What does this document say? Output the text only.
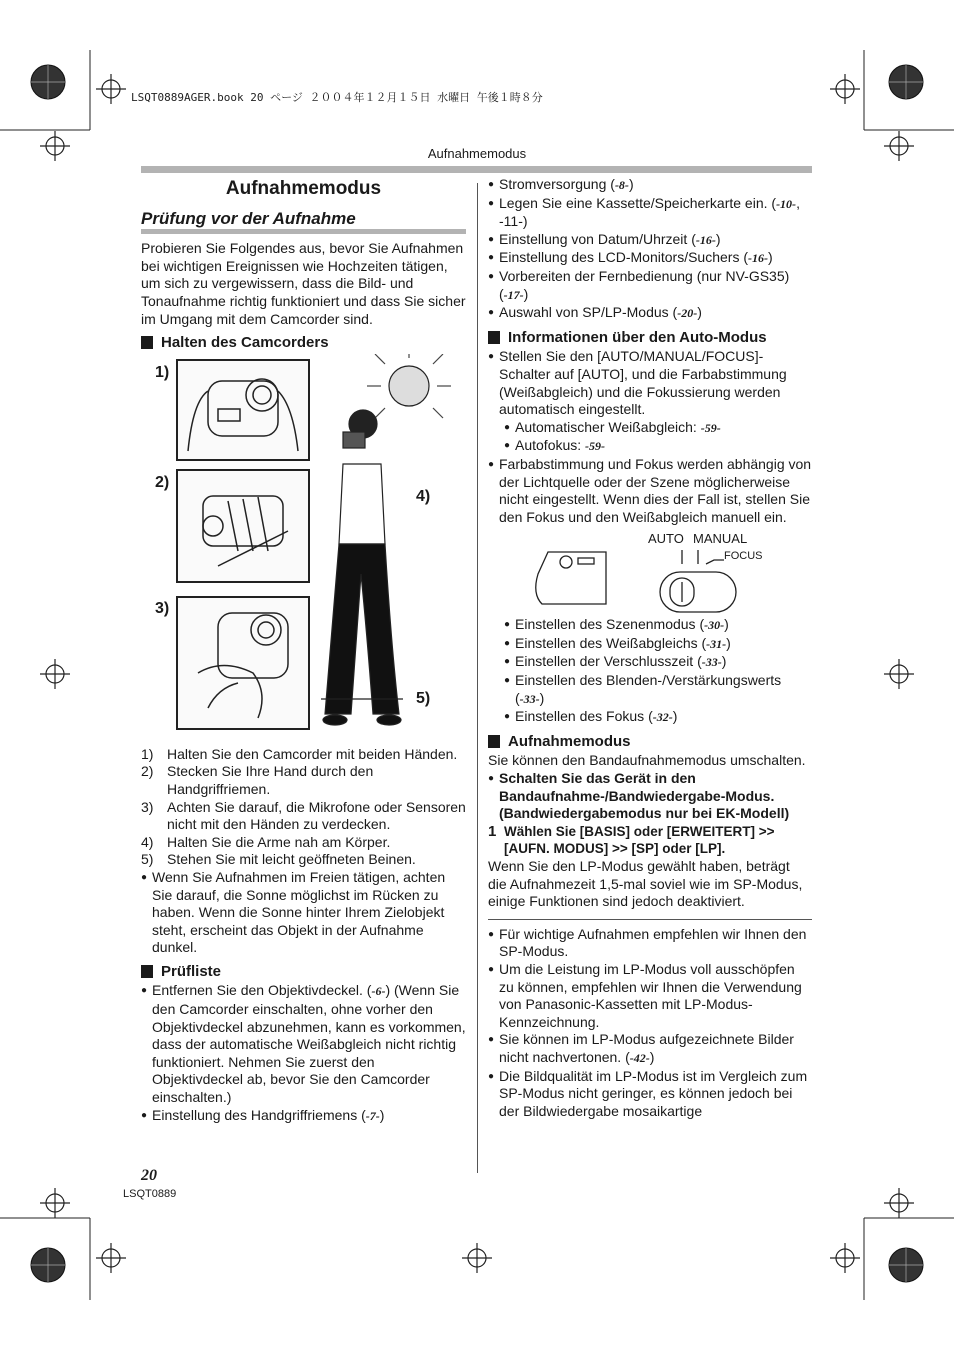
LSQT0889AGER.book 20 ページ ２００４年１２月１５日 水曜日 午後１時８分
Aufnahmemodus
Aufnahmemodus
Prüfung vor der Aufnahme

Probieren Sie Folgendes aus, bevor Sie Aufnahmen bei wichtigen Ereignissen wie Hochzeiten tätigen, um sich zu vergewissern, dass die Bild- und Tonaufnahme richtig funktioniert und dass Sie sicher im Umgang mit dem Camcorder sind.

Halten des Camcorders
1)
2)
3)
4)
5)
1) Halten Sie den Camcorder mit beiden Händen.
2) Stecken Sie Ihre Hand durch den Handgriffriemen.
3) Achten Sie darauf, die Mikrofone oder Sensoren nicht mit den Händen zu verdecken.
4) Halten Sie die Arme nah am Körper.
5) Stehen Sie mit leicht geöffneten Beinen.
● Wenn Sie Aufnahmen im Freien tätigen, achten Sie darauf, die Sonne möglichst im Rücken zu haben. Wenn die Sonne hinter Ihrem Zielobjekt steht, erscheint das Objekt in der Aufnahme dunkel.
Prüfliste
● Entfernen Sie den Objektivdeckel. (-6-) (Wenn Sie den Camcorder einschalten, ohne vorher den Objektivdeckel abzunehmen, kann es vorkommen, dass der automatische Weißabgleich nicht richtig funktioniert. Nehmen Sie zuerst den Objektivdeckel ab, bevor Sie den Camcorder einschalten.)
● Einstellung des Handgriffriemens (-7-)
● Stromversorgung (-8-)
● Legen Sie eine Kassette/Speicherkarte ein. (-10-, -11-)
● Einstellung von Datum/Uhrzeit (-16-)
● Einstellung des LCD-Monitors/Suchers (-16-)
● Vorbereiten der Fernbedienung (nur NV-GS35) (-17-)
● Auswahl von SP/LP-Modus (-20-)
Informationen über den Auto-Modus
● Stellen Sie den [AUTO/MANUAL/FOCUS]-Schalter auf [AUTO], und die Farbabstimmung (Weißabgleich) und die Fokussierung werden automatisch eingestellt.
● Automatischer Weißabgleich: -59-
● Autofokus: -59-
● Farbabstimmung und Fokus werden abhängig von der Lichtquelle oder der Szene möglicherweise nicht eingestellt. Wenn dies der Fall ist, stellen Sie den Fokus und den Weißabgleich manuell ein.
AUTO MANUAL
FOCUS
● Einstellen des Szenenmodus (-30-)
● Einstellen des Weißabgleichs (-31-)
● Einstellen der Verschlusszeit (-33-)
● Einstellen des Blenden-/Verstärkungswerts (-33-)
● Einstellen des Fokus (-32-)
Aufnahmemodus

Sie können den Bandaufnahmemodus umschalten.

● Schalten Sie das Gerät in den Bandaufnahme-/Bandwiedergabe-Modus. (Bandwiedergabemodus nur bei EK-Modell)
1 Wählen Sie [BASIS] oder [ERWEITERT] >> [AUFN. MODUS] >> [SP] oder [LP].

Wenn Sie den LP-Modus gewählt haben, beträgt die Aufnahmezeit 1,5-mal soviel wie im SP-Modus, einige Funktionen sind jedoch deaktiviert.

● Für wichtige Aufnahmen empfehlen wir Ihnen den SP-Modus.
● Um die Leistung im LP-Modus voll ausschöpfen zu können, empfehlen wir Ihnen die Verwendung von Panasonic-Kassetten mit LP-Modus-Kennzeichnung.
● Sie können im LP-Modus aufgezeichnete Bilder nicht nachvertonen. (-42-)
● Die Bildqualität im LP-Modus ist im Vergleich zum SP-Modus nicht geringer, es können jedoch bei der Bildwiedergabe mosaikartige
20
LSQT0889
